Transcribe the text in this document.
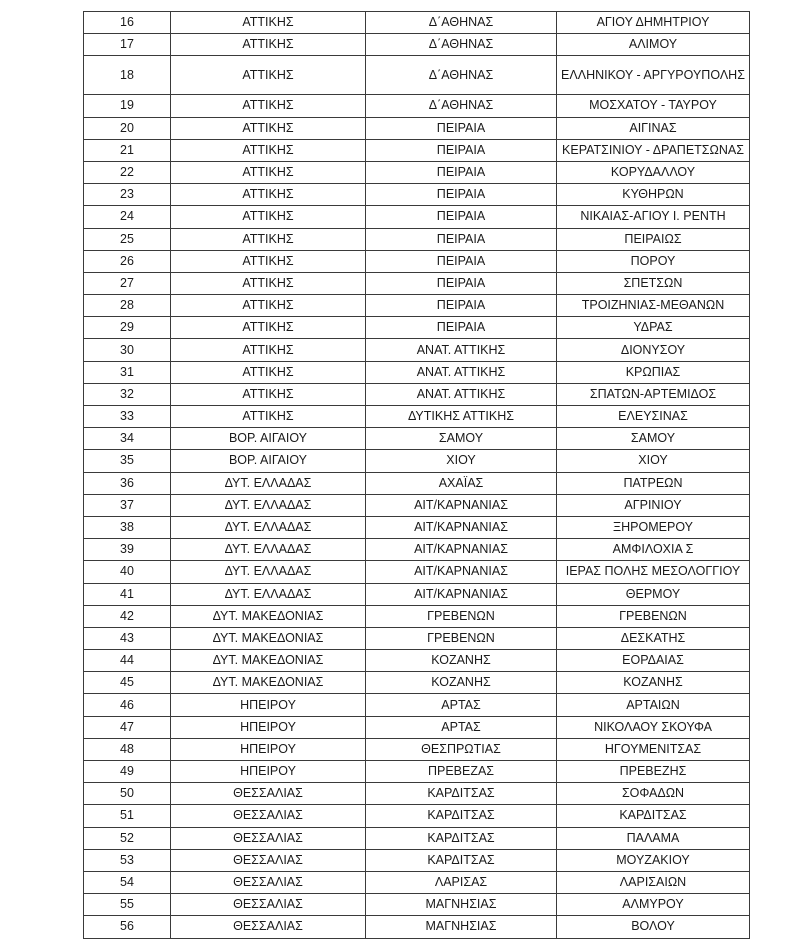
16	ΑΤΤΙΚΗΣ	Δ΄ΑΘΗΝΑΣ	ΑΓΙΟΥ ΔΗΜΗΤΡΙΟΥ
17	ΑΤΤΙΚΗΣ	Δ΄ΑΘΗΝΑΣ	ΑΛΙΜΟΥ
18	ΑΤΤΙΚΗΣ	Δ΄ΑΘΗΝΑΣ	ΕΛΛΗΝΙΚΟΥ - ΑΡΓΥΡΟΥΠΟΛΗΣ
19	ΑΤΤΙΚΗΣ	Δ΄ΑΘΗΝΑΣ	ΜΟΣΧΑΤΟΥ - ΤΑΥΡΟΥ
20	ΑΤΤΙΚΗΣ	ΠΕΙΡΑΙΑ	ΑΙΓΙΝΑΣ
21	ΑΤΤΙΚΗΣ	ΠΕΙΡΑΙΑ	ΚΕΡΑΤΣΙΝΙΟΥ - ΔΡΑΠΕΤΣΩΝΑΣ
22	ΑΤΤΙΚΗΣ	ΠΕΙΡΑΙΑ	ΚΟΡΥΔΑΛΛΟΥ
23	ΑΤΤΙΚΗΣ	ΠΕΙΡΑΙΑ	ΚΥΘΗΡΩΝ
24	ΑΤΤΙΚΗΣ	ΠΕΙΡΑΙΑ	ΝΙΚΑΙΑΣ-ΑΓΙΟΥ Ι. ΡΕΝΤΗ
25	ΑΤΤΙΚΗΣ	ΠΕΙΡΑΙΑ	ΠΕΙΡΑΙΩΣ
26	ΑΤΤΙΚΗΣ	ΠΕΙΡΑΙΑ	ΠΟΡΟΥ
27	ΑΤΤΙΚΗΣ	ΠΕΙΡΑΙΑ	ΣΠΕΤΣΩΝ
28	ΑΤΤΙΚΗΣ	ΠΕΙΡΑΙΑ	ΤΡΟΙΖΗΝΙΑΣ-ΜΕΘΑΝΩΝ
29	ΑΤΤΙΚΗΣ	ΠΕΙΡΑΙΑ	ΥΔΡΑΣ
30	ΑΤΤΙΚΗΣ	ΑΝΑΤ. ΑΤΤΙΚΗΣ	ΔΙΟΝΥΣΟΥ
31	ΑΤΤΙΚΗΣ	ΑΝΑΤ. ΑΤΤΙΚΗΣ	ΚΡΩΠΙΑΣ
32	ΑΤΤΙΚΗΣ	ΑΝΑΤ. ΑΤΤΙΚΗΣ	ΣΠΑΤΩΝ-ΑΡΤΕΜΙΔΟΣ
33	ΑΤΤΙΚΗΣ	ΔΥΤΙΚΗΣ ΑΤΤΙΚΗΣ	ΕΛΕΥΣΙΝΑΣ
34	ΒΟΡ. ΑΙΓΑΙΟΥ	ΣΑΜΟΥ	ΣΑΜΟΥ
35	ΒΟΡ. ΑΙΓΑΙΟΥ	ΧΙΟΥ	ΧΙΟΥ
36	ΔΥΤ. ΕΛΛΑΔΑΣ	ΑΧΑΪΑΣ	ΠΑΤΡΕΩΝ
37	ΔΥΤ. ΕΛΛΑΔΑΣ	ΑΙΤ/ΚΑΡΝΑΝΙΑΣ	ΑΓΡΙΝΙΟΥ
38	ΔΥΤ. ΕΛΛΑΔΑΣ	ΑΙΤ/ΚΑΡΝΑΝΙΑΣ	ΞΗΡΟΜΕΡΟΥ
39	ΔΥΤ. ΕΛΛΑΔΑΣ	ΑΙΤ/ΚΑΡΝΑΝΙΑΣ	ΑΜΦΙΛΟΧΙΑ Σ
40	ΔΥΤ. ΕΛΛΑΔΑΣ	ΑΙΤ/ΚΑΡΝΑΝΙΑΣ	ΙΕΡΑΣ ΠΟΛΗΣ ΜΕΣΟΛΟΓΓΙΟΥ
41	ΔΥΤ. ΕΛΛΑΔΑΣ	ΑΙΤ/ΚΑΡΝΑΝΙΑΣ	ΘΕΡΜΟΥ
42	ΔΥΤ. ΜΑΚΕΔΟΝΙΑΣ	ΓΡΕΒΕΝΩΝ	ΓΡΕΒΕΝΩΝ
43	ΔΥΤ. ΜΑΚΕΔΟΝΙΑΣ	ΓΡΕΒΕΝΩΝ	ΔΕΣΚΑΤΗΣ
44	ΔΥΤ. ΜΑΚΕΔΟΝΙΑΣ	ΚΟΖΑΝΗΣ	ΕΟΡΔΑΙΑΣ
45	ΔΥΤ. ΜΑΚΕΔΟΝΙΑΣ	ΚΟΖΑΝΗΣ	ΚΟΖΑΝΗΣ
46	ΗΠΕΙΡΟΥ	ΑΡΤΑΣ	ΑΡΤΑΙΩΝ
47	ΗΠΕΙΡΟΥ	ΑΡΤΑΣ	ΝΙΚΟΛΑΟΥ ΣΚΟΥΦΑ
48	ΗΠΕΙΡΟΥ	ΘΕΣΠΡΩΤΙΑΣ	ΗΓΟΥΜΕΝΙΤΣΑΣ
49	ΗΠΕΙΡΟΥ	ΠΡΕΒΕΖΑΣ	ΠΡΕΒΕΖΗΣ
50	ΘΕΣΣΑΛΙΑΣ	ΚΑΡΔΙΤΣΑΣ	ΣΟΦΑΔΩΝ
51	ΘΕΣΣΑΛΙΑΣ	ΚΑΡΔΙΤΣΑΣ	ΚΑΡΔΙΤΣΑΣ
52	ΘΕΣΣΑΛΙΑΣ	ΚΑΡΔΙΤΣΑΣ	ΠΑΛΑΜΑ
53	ΘΕΣΣΑΛΙΑΣ	ΚΑΡΔΙΤΣΑΣ	ΜΟΥΖΑΚΙΟΥ
54	ΘΕΣΣΑΛΙΑΣ	ΛΑΡΙΣΑΣ	ΛΑΡΙΣΑΙΩΝ
55	ΘΕΣΣΑΛΙΑΣ	ΜΑΓΝΗΣΙΑΣ	ΑΛΜΥΡΟΥ
56	ΘΕΣΣΑΛΙΑΣ	ΜΑΓΝΗΣΙΑΣ	ΒΟΛΟΥ
